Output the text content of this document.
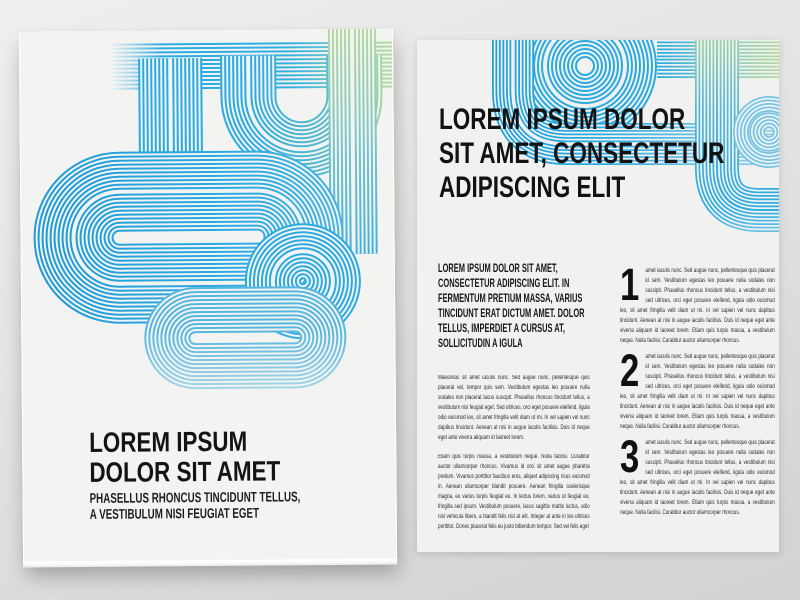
LOREM IPSUM
DOLOR SIT AMET
PHASELLUS RHONCUS TINCIDUNT TELLUS,
A VESTIBULUM NISI FEUGIAT EGET
LOREM IPSUM DOLOR
SIT AMET, CONSECTETUR
ADIPISCING ELIT
LOREM IPSUM DOLOR SIT AMET, CONSECTETUR ADIPISCING ELIT. IN FERMENTUM PRETIUM MASSA, VARIUS TINCIDUNT ERAT DICTUM AMET. DOLOR TELLUS, IMPERDIET A CURSUS AT, SOLLICITUDIN A IGULA
Maecenas sit amet iaculis nunc. Sed augue nunc, pellentesque quis placerat vel, tempor quis sem. Vestibulum egestas leo posuere nulla sodales non placerat lacus suscipit. Phasellus rhoncus tincidunt tellus, a vestibulum nisi feugiat eget. Sed ultrices, orci eget posuere eleifend, ligula odio euismod leo, sit amet fringilla velit diam ut mi. In vel sapien vel nunc dapibus tincidunt. Aenean at nisi in augue iaculis facilisis. Duis id neque eget ante viverra aliquam id laoreet lorem.
Etiam quis turpis massa, a vestibulum neque. Nulla facilisi. Curabitur auctor ullamcorper rhoncus. Vivamus id orci sit amet augue pharetra pretium. Vivamus porttitor faucibus eros, aliquet adipiscing risus euismod in. Aenean ullamcorper blandit posuere. Aenean fringilla scelerisque magna, eu varius turpis feugiat eu. In lectus lorem, varius ut feugiat eu, fringilla sed ipsum. Vestibulum posuere, lacus sagittis mattis luctus, odio nisl vehicula libero, a blandit felis nisl at elit. Integer at ante in leo ultrices porttitor. Donec placerat felis eu justo bibendum tempor. Sed vel felis eget
1	amet iaculis nunc. Sed augue nunc, pellentesque quis placerat id sem. Vestibulum egestas leo posuere nulla sodales non suscipit. Phasellus rhoncus tincidunt tellus, a vestibulum nisi sed ultrices, orci eget posuere eleifend, ligula odio euismod leo, sit amet fringilla velit diam ut mi. In vel sapien vel nunc dapibus tincidunt. Aenean at nisi in augue iaculis facilisis. Duis id neque eget ante viverra aliquam id laoreet lorem. Etiam quis turpis massa, a vestibulum neque. Nulla facilisi. Curabitur auctor ullamcorper rhoncus.
2	amet iaculis nunc. Sed augue nunc, pellentesque quis placerat id sem. Vestibulum egestas leo posuere nulla sodales non suscipit. Phasellus rhoncus tincidunt tellus, a vestibulum nisi sed ultrices, orci eget posuere eleifend, ligula odio euismod leo, sit amet fringilla velit diam ut mi. In vel sapien vel nunc dapibus tincidunt. Aenean at nisi in augue iaculis facilisis. Duis id neque eget ante viverra aliquam id laoreet lorem. Etiam quis turpis massa, a vestibulum neque. Nulla facilisi. Curabitur auctor ullamcorper rhoncus.
3	amet iaculis nunc. Sed augue nunc, pellentesque quis placerat id sem. Vestibulum egestas leo posuere nulla sodales non suscipit. Phasellus rhoncus tincidunt tellus, a vestibulum nisi sed ultrices, orci eget posuere eleifend, ligula odio euismod leo, sit amet fringilla velit diam ut mi. In vel sapien vel nunc dapibus tincidunt. Aenean at nisi in augue iaculis facilisis. Duis id neque eget ante viverra aliquam id laoreet lorem. Etiam quis turpis massa, a vestibulum neque. Nulla facilisi. Curabitur auctor ullamcorper rhoncus.
